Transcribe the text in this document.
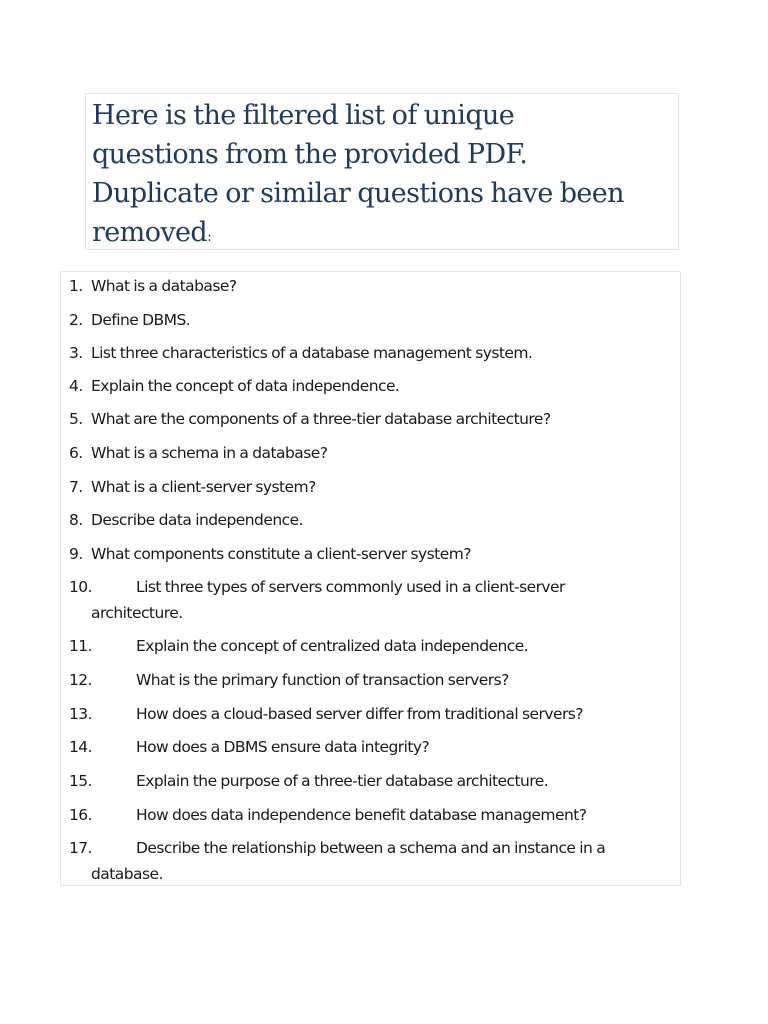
Here is the filtered list of unique
questions from the provided PDF.
Duplicate or similar questions have been
removed:

1. What is a database?
2. Define DBMS.
3. List three characteristics of a database management system.
4. Explain the concept of data independence.
5. What are the components of a three-tier database architecture?
6. What is a schema in a database?
7. What is a client-server system?
8. Describe data independence.
9. What components constitute a client-server system?
10.	List three types of servers commonly used in a client-server
architecture.
11.	Explain the concept of centralized data independence.
12.	What is the primary function of transaction servers?
13.	How does a cloud-based server differ from traditional servers?
14.	How does a DBMS ensure data integrity?
15.	Explain the purpose of a three-tier database architecture.
16.	How does data independence benefit database management?
17.	Describe the relationship between a schema and an instance in a
database.
